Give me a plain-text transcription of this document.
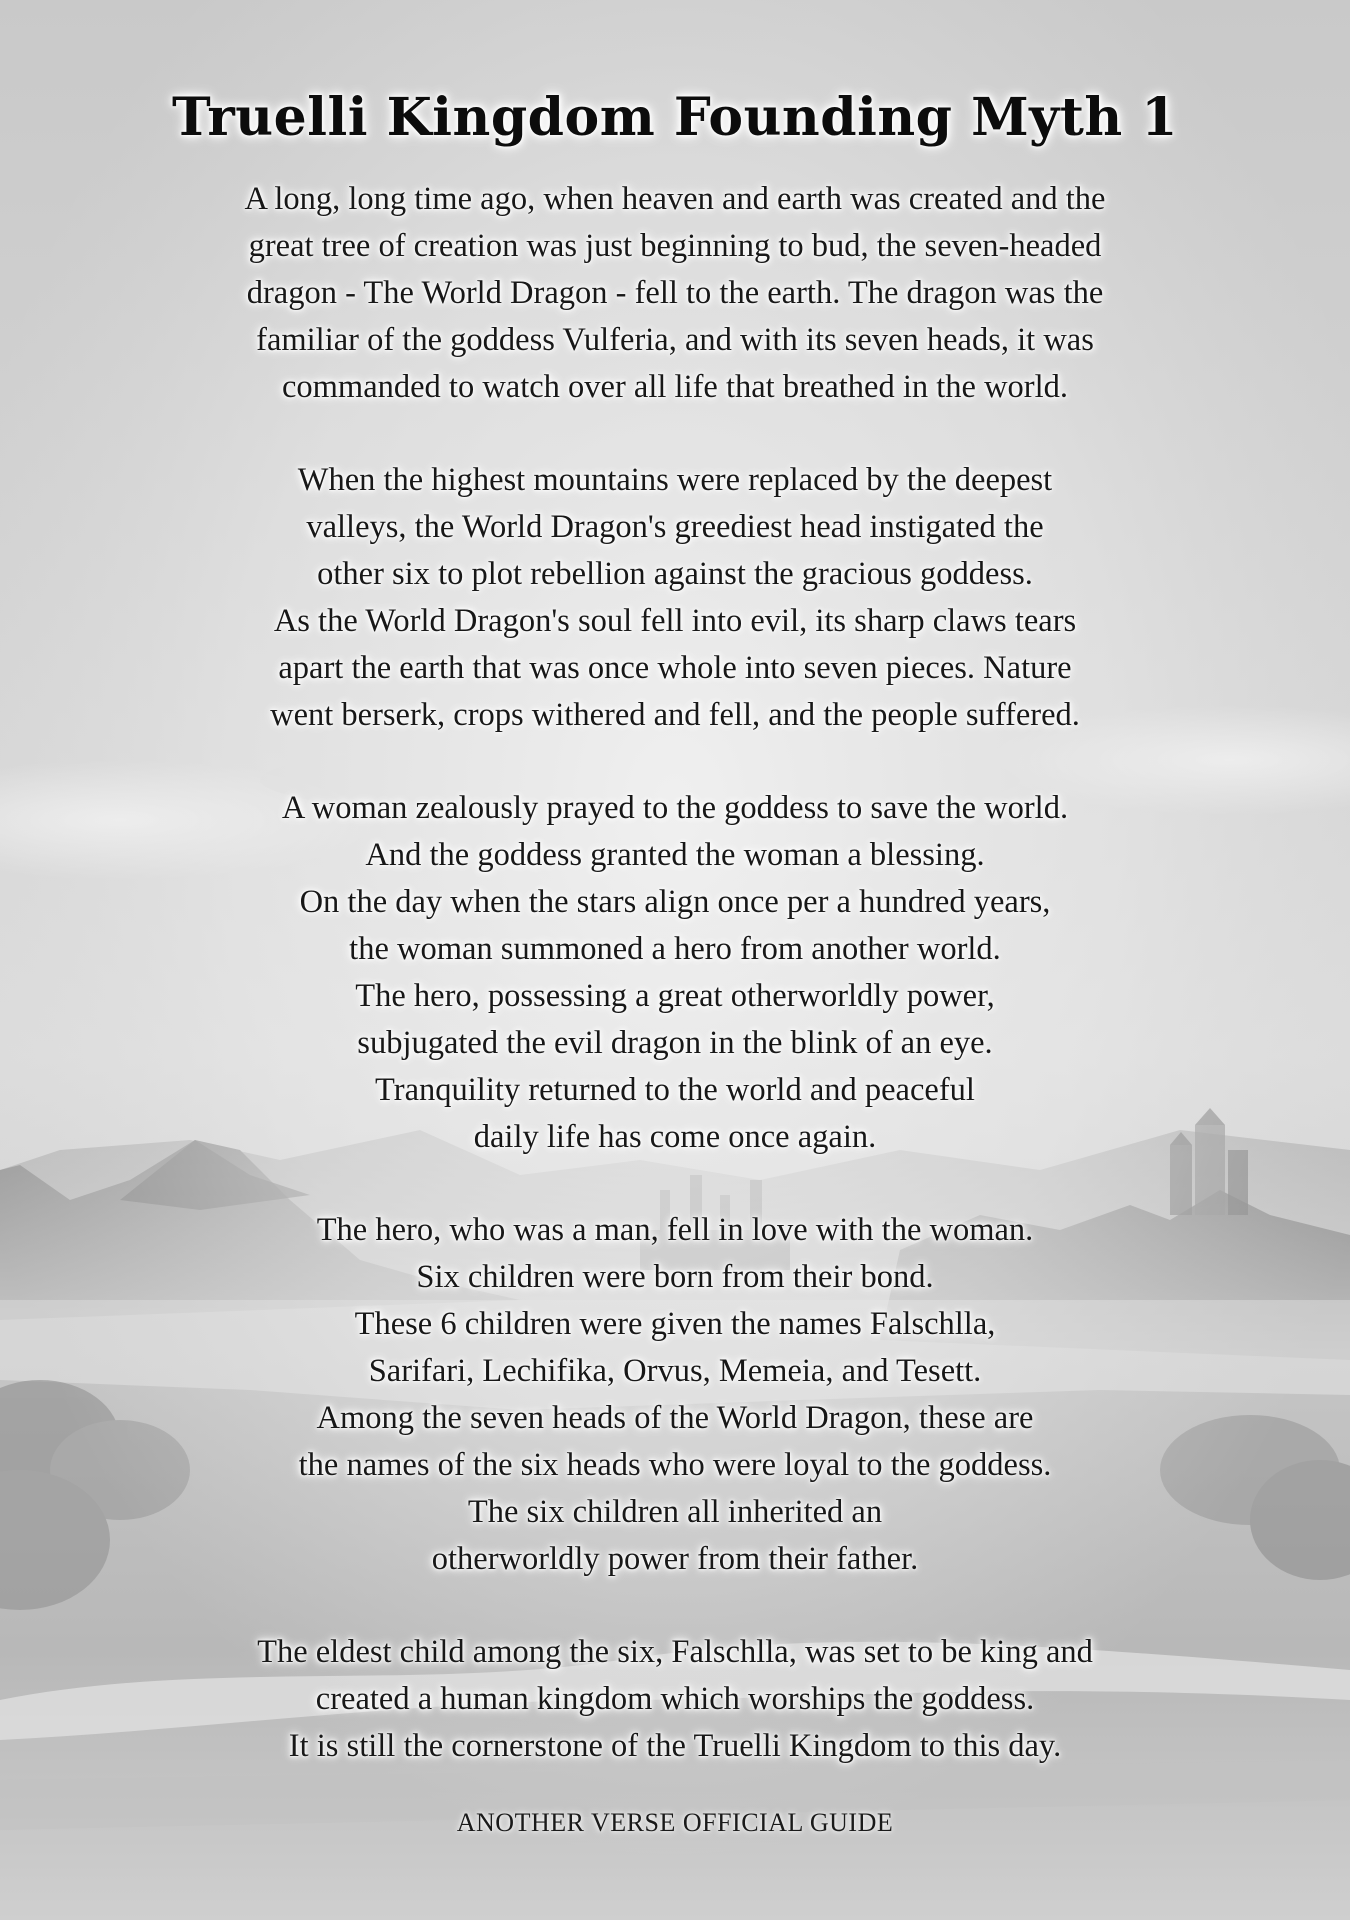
Truelli Kingdom Founding Myth 1
A long, long time ago, when heaven and earth was created and the
great tree of creation was just beginning to bud, the seven-headed
dragon - The World Dragon - fell to the earth. The dragon was the
familiar of the goddess Vulferia, and with its seven heads, it was
commanded to watch over all life that breathed in the world.
When the highest mountains were replaced by the deepest
valleys, the World Dragon's greediest head instigated the
other six to plot rebellion against the gracious goddess.
As the World Dragon's soul fell into evil, its sharp claws tears
apart the earth that was once whole into seven pieces. Nature
went berserk, crops withered and fell, and the people suffered.
A woman zealously prayed to the goddess to save the world.
And the goddess granted the woman a blessing.
On the day when the stars align once per a hundred years,
the woman summoned a hero from another world.
The hero, possessing a great otherworldly power,
subjugated the evil dragon in the blink of an eye.
Tranquility returned to the world and peaceful
daily life has come once again.
The hero, who was a man, fell in love with the woman.
Six children were born from their bond.
These 6 children were given the names Falschlla,
Sarifari, Lechifika, Orvus, Memeia, and Tesett.
Among the seven heads of the World Dragon, these are
the names of the six heads who were loyal to the goddess.
The six children all inherited an
otherworldly power from their father.
The eldest child among the six, Falschlla, was set to be king and
created a human kingdom which worships the goddess.
It is still the cornerstone of the Truelli Kingdom to this day.
ANOTHER VERSE OFFICIAL GUIDE
